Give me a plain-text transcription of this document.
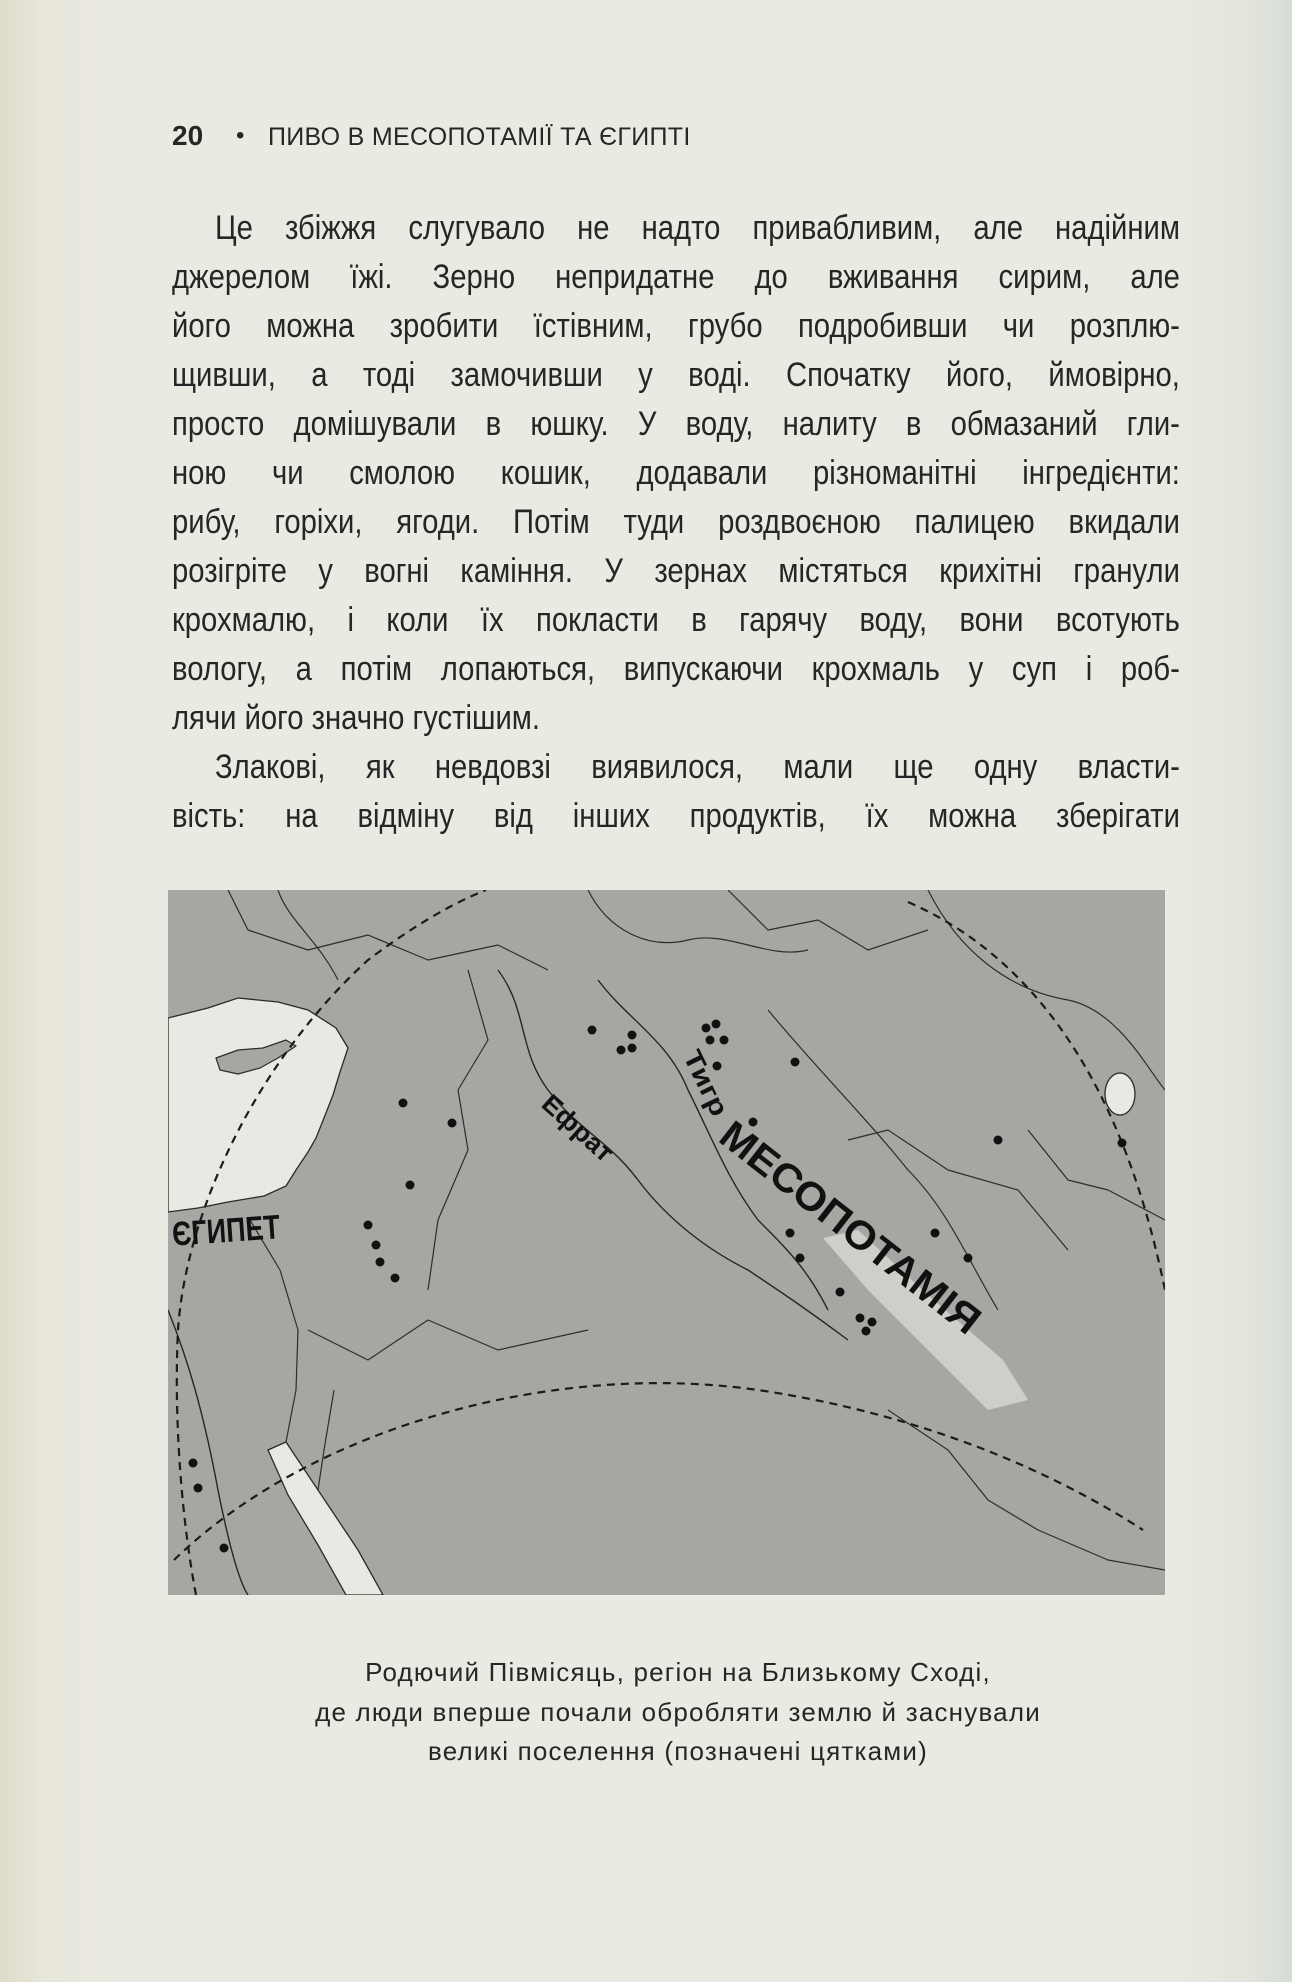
20 • ПИВО В МЕСОПОТАМІЇ ТА ЄГИПТІ
Це збіжжя слугувало не надто привабливим, але надійним
джерелом їжі. Зерно непридатне до вживання сирим, але
його можна зробити їстівним, грубо подробивши чи розплю-
щивши, а тоді замочивши у воді. Спочатку його, ймовірно,
просто домішували в юшку. У воду, налиту в обмазаний гли-
ною чи смолою кошик, додавали різноманітні інгредієнти:
рибу, горіхи, ягоди. Потім туди роздвоєною палицею вкидали
розігріте у вогні каміння. У зернах містяться крихітні гранули
крохмалю, і коли їх покласти в гарячу воду, вони всотують
вологу, а потім лопаються, випускаючи крохмаль у суп і роб-
лячи його значно густішим.
Злакові, як невдовзі виявилося, мали ще одну власти-
вість: на відміну від інших продуктів, їх можна зберігати
ЄГИПЕТ	МЕСОПОТАМІЯ
Ефрат
Тигр
Родючий Півмісяць, регіон на Близькому Сході,
де люди вперше почали обробляти землю й заснували
великі поселення (позначені цятками)
